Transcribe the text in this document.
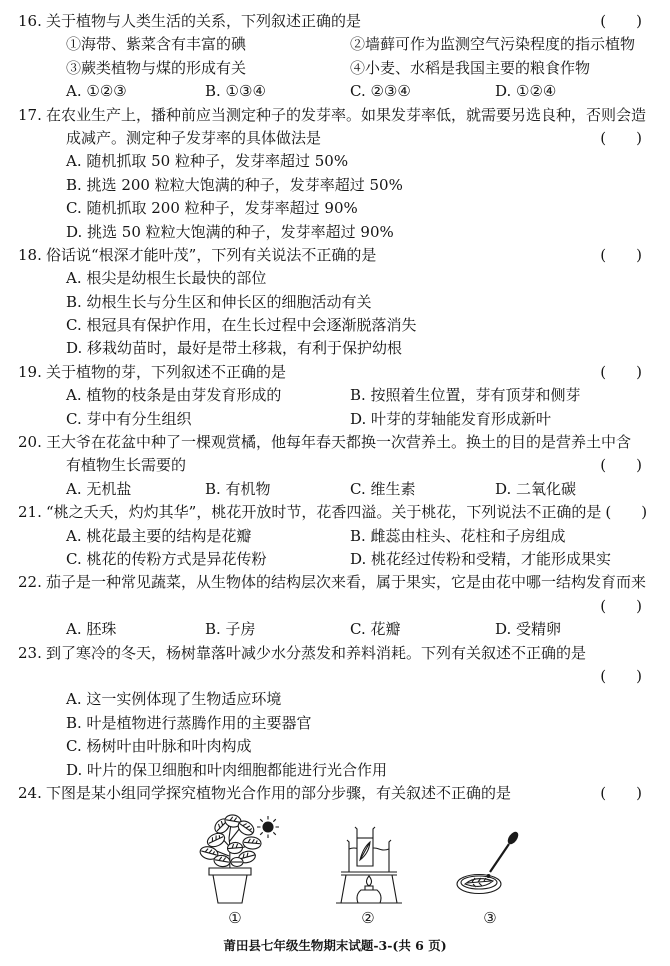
16. 关于植物与人类生活的关系，下列叙述正确的是	(　　)
①海带、紫菜含有丰富的碘	②墙藓可作为监测空气污染程度的指示植物
③蕨类植物与煤的形成有关	④小麦、水稻是我国主要的粮食作物
A. ①②③	B. ①③④	C. ②③④	D. ①②④
17. 在农业生产上，播种前应当测定种子的发芽率。如果发芽率低，就需要另选良种，否则会造
成减产。测定种子发芽率的具体做法是	(　　)
A. 随机抓取 50 粒种子，发芽率超过 50%
B. 挑选 200 粒粒大饱满的种子，发芽率超过 50%
C. 随机抓取 200 粒种子，发芽率超过 90%
D. 挑选 50 粒粒大饱满的种子，发芽率超过 90%
18. 俗话说“根深才能叶茂”，下列有关说法不正确的是	(　　)
A. 根尖是幼根生长最快的部位
B. 幼根生长与分生区和伸长区的细胞活动有关
C. 根冠具有保护作用，在生长过程中会逐渐脱落消失
D. 移栽幼苗时，最好是带土移栽，有利于保护幼根
19. 关于植物的芽，下列叙述不正确的是	(　　)
A. 植物的枝条是由芽发育形成的	B. 按照着生位置，芽有顶芽和侧芽
C. 芽中有分生组织	D. 叶芽的芽轴能发育形成新叶
20. 王大爷在花盆中种了一棵观赏橘，他每年春天都换一次营养土。换土的目的是营养土中含
有植物生长需要的	(　　)
A. 无机盐	B. 有机物	C. 维生素	D. 二氧化碳
21. “桃之夭夭，灼灼其华”，桃花开放时节，花香四溢。关于桃花，下列说法不正确的是 (　　)
A. 桃花最主要的结构是花瓣	B. 雌蕊由柱头、花柱和子房组成
C. 桃花的传粉方式是异花传粉	D. 桃花经过传粉和受精，才能形成果实
22. 茄子是一种常见蔬菜，从生物体的结构层次来看，属于果实，它是由花中哪一结构发育而来
(　　)
A. 胚珠	B. 子房	C. 花瓣	D. 受精卵
23. 到了寒冷的冬天，杨树靠落叶减少水分蒸发和养料消耗。下列有关叙述不正确的是
(　　)
A. 这一实例体现了生物适应环境
B. 叶是植物进行蒸腾作用的主要器官
C. 杨树叶由叶脉和叶肉构成
D. 叶片的保卫细胞和叶肉细胞都能进行光合作用
24. 下图是某小组同学探究植物光合作用的部分步骤，有关叙述不正确的是	(　　)
①	②	③
莆田县七年级生物期末试题-3-(共 6 页)
